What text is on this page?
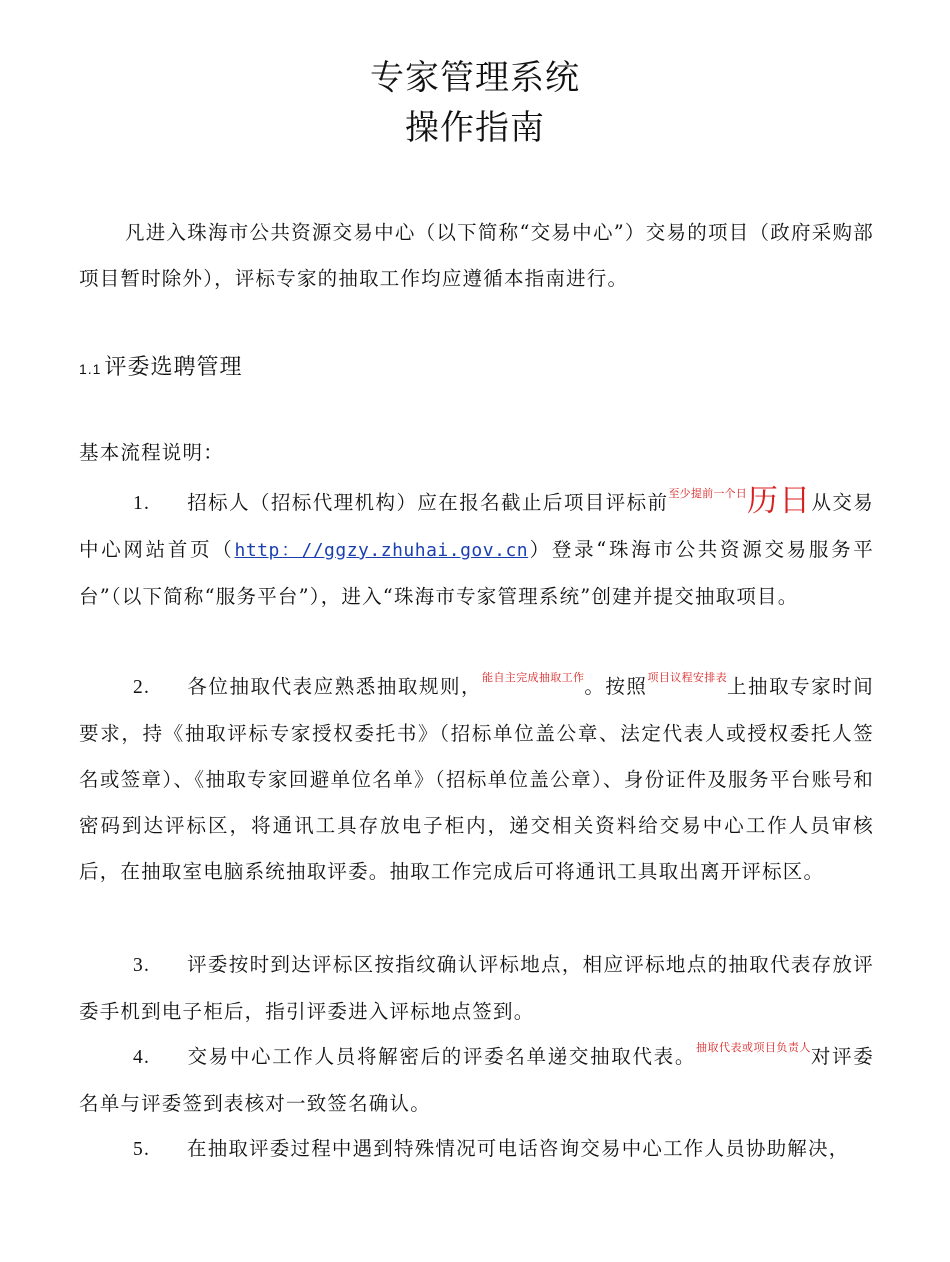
专家管理系统
操作指南
凡进入珠海市公共资源交易中心（以下简称“交易中心”）交易的项目（政府采购部项目暂时除外），评标专家的抽取工作均应遵循本指南进行。
1.1 评委选聘管理
基本流程说明：
1. 招标人（招标代理机构）应在报名截止后项目评标前$^{至少提前一个日}$历日从交易中心网站首页（http：//ggzy.zhuhai.gov.cn）登录“珠海市公共资源交易服务平台”（以下简称“服务平台”），进入“珠海市专家管理系统”创建并提交抽取项目。
2. 各位抽取代表应熟悉抽取规则，$^{能自主完成抽取工作}$。按照$^{项目议程安排表}$上抽取专家时间要求，持《抽取评标专家授权委托书》（招标单位盖公章、法定代表人或授权委托人签名或签章）、《抽取专家回避单位名单》（招标单位盖公章）、身份证件及服务平台账号和密码到达评标区，将通讯工具存放电子柜内，递交相关资料给交易中心工作人员审核后，在抽取室电脑系统抽取评委。抽取工作完成后可将通讯工具取出离开评标区。
3. 评委按时到达评标区按指纹确认评标地点，相应评标地点的抽取代表存放评委手机到电子柜后，指引评委进入评标地点签到。
4. 交易中心工作人员将解密后的评委名单递交抽取代表。$^{抽取代表或项目负责人}$对评委名单与评委签到表核对一致签名确认。
5. 在抽取评委过程中遇到特殊情况可电话咨询交易中心工作人员协助解决，
